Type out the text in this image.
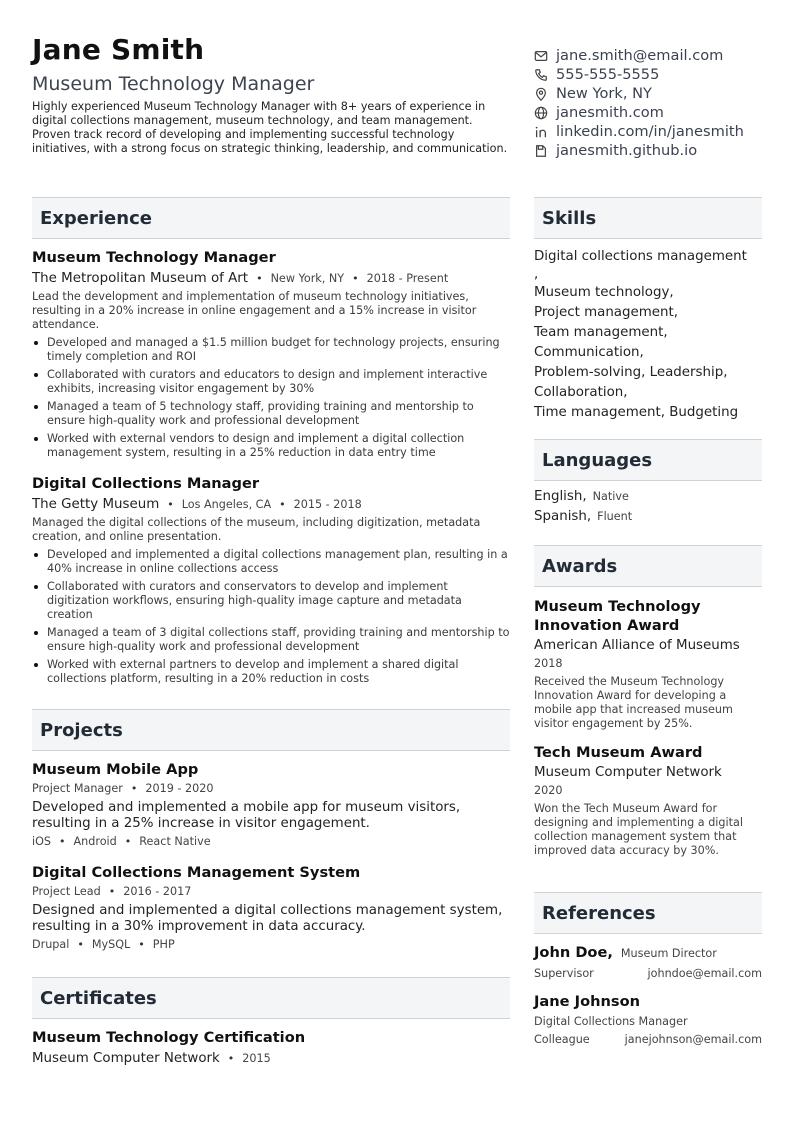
Jane Smith
Museum Technology Manager
Highly experienced Museum Technology Manager with 8+ years of experience in digital collections management, museum technology, and team management. Proven track record of developing and implementing successful technology initiatives, with a strong focus on strategic thinking, leadership, and communication.
jane.smith@email.com
555-555-5555
New York, NY
janesmith.com
linkedin.com/in/janesmith
janesmith.github.io
Experience
Museum Technology Manager
The Metropolitan Museum of Art • New York, NY • 2018 - Present
Lead the development and implementation of museum technology initiatives, resulting in a 20% increase in online engagement and a 15% increase in visitor attendance.
Developed and managed a $1.5 million budget for technology projects, ensuring timely completion and ROI
Collaborated with curators and educators to design and implement interactive exhibits, increasing visitor engagement by 30%
Managed a team of 5 technology staff, providing training and mentorship to ensure high-quality work and professional development
Worked with external vendors to design and implement a digital collection management system, resulting in a 25% reduction in data entry time
Digital Collections Manager
The Getty Museum • Los Angeles, CA • 2015 - 2018
Managed the digital collections of the museum, including digitization, metadata creation, and online presentation.
Developed and implemented a digital collections management plan, resulting in a 40% increase in online collections access
Collaborated with curators and conservators to develop and implement digitization workflows, ensuring high-quality image capture and metadata creation
Managed a team of 3 digital collections staff, providing training and mentorship to ensure high-quality work and professional development
Worked with external partners to develop and implement a shared digital collections platform, resulting in a 20% reduction in costs
Projects
Museum Mobile App
Project Manager • 2019 - 2020
Developed and implemented a mobile app for museum visitors, resulting in a 25% increase in visitor engagement.
iOS • Android • React Native
Digital Collections Management System
Project Lead • 2016 - 2017
Designed and implemented a digital collections management system, resulting in a 30% improvement in data accuracy.
Drupal • MySQL • PHP
Certificates
Museum Technology Certification
Museum Computer Network • 2015
Skills
Digital collections management
,
Museum technology,
Project management,
Team management,
Communication,
Problem-solving, Leadership,
Collaboration,
Time management, Budgeting
Languages
English, Native
Spanish, Fluent
Awards
Museum Technology Innovation Award
American Alliance of Museums
2018
Received the Museum Technology Innovation Award for developing a mobile app that increased museum visitor engagement by 25%.
Tech Museum Award
Museum Computer Network
2020
Won the Tech Museum Award for designing and implementing a digital collection management system that improved data accuracy by 30%.
References
John Doe, Museum Director
Supervisor	johndoe@email.com
Jane Johnson
Digital Collections Manager
Colleague	janejohnson@email.com
